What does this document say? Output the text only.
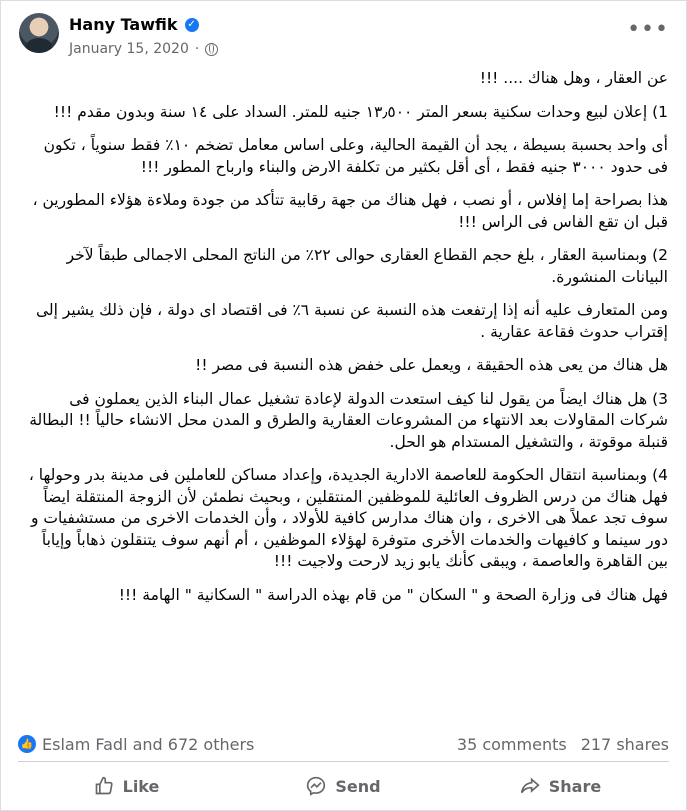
Hany Tawfik ✓
January 15, 2020 ·
•••

عن العقار ، وهل هناك .... !!!

1) إعلان لبيع وحدات سكنية بسعر المتر ١٣٫٥٠٠ جنيه للمتر. السداد على ١٤ سنة وبدون مقدم !!!

أى واحد بحسبة بسيطة ، يجد أن القيمة الحالية، وعلى اساس معامل تضخم ١٠٪ فقط سنوياً ، تكون فى حدود ٣٠٠٠ جنيه فقط ، أى أقل بكثير من تكلفة الارض والبناء وارباح المطور !!!

هذا بصراحة إما إفلاس ، أو نصب ، فهل هناك من جهة رقابية تتأكد من جودة وملاءة هؤلاء المطورين ، قبل ان تقع الفاس فى الراس !!!

2) وبمناسبة العقار ، بلغ حجم القطاع العقارى حوالى ٢٢٪ من الناتج المحلى الاجمالى طبقاً لآخر البيانات المنشورة.

ومن المتعارف عليه أنه إذا إرتفعت هذه النسبة عن نسبة ٦٪ فى اقتصاد اى دولة ، فإن ذلك يشير إلى إقتراب حدوث فقاعة عقارية .

هل هناك من يعى هذه الحقيقة ، ويعمل على خفض هذه النسبة فى مصر !!

3) هل هناك ايضاً من يقول لنا كيف استعدت الدولة لإعادة تشغيل عمال البناء الذين يعملون فى شركات المقاولات بعد الانتهاء من المشروعات العقارية والطرق و المدن محل الانشاء حالياً !! البطالة قنبلة موقوتة ، والتشغيل المستدام هو الحل.

4) وبمناسبة انتقال الحكومة للعاصمة الادارية الجديدة، وإعداد مساكن للعاملين فى مدينة بدر وحولها ، فهل هناك من درس الظروف العائلية للموظفين المنتقلين ، وبحيث نطمئن لأن الزوجة المنتقلة ايضاً سوف تجد عملاً هى الاخرى ، وان هناك مدارس كافية للأولاد ، وأن الخدمات الاخرى من مستشفيات و دور سينما و كافيهات والخدمات الأخرى متوفرة لهؤلاء الموظفين ، أم أنهم سوف يتنقلون ذهاباً وإياباً بين القاهرة والعاصمة ، ويبقى كأنك يابو زيد لارحت ولاجيت !!!

فهل هناك فى وزارة الصحة و " السكان " من قام بهذه الدراسة " السكانية " الهامة !!!

👍 Eslam Fadl and 672 others	35 comments 217 shares
Like	Send	Share
